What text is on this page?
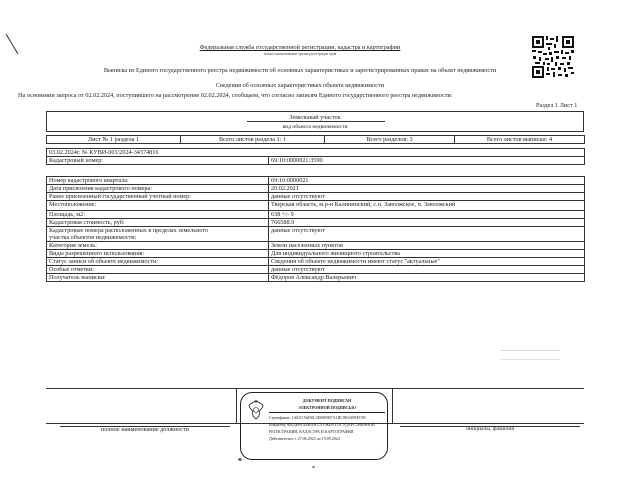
Федеральная служба государственной регистрации, кадастра и картографии
полное наименование органа регистрации прав
Выписка из Единого государственного реестра недвижимости об основных характеристиках и зарегистрированных правах на объект недвижимости
Сведения об основных характеристиках объекта недвижимости
На основании запроса от 02.02.2024, поступившего на рассмотрение 02.02.2024, сообщаем, что согласно записям Единого государственного реестра недвижимости:
Раздел 1 Лист 1
Земельный участок
вид объекта недвижимости
Лист № 1 раздела 1	Всего листов раздела 1: 1	Всего разделов: 3	Всего листов выписки: 4
03.02.2024г. № КУВИ-001/2024-34374816
Кадастровый номер:	69:10:0000021:3590
Номер кадастрового квартала:	69:10:0000021
Дата присвоения кадастрового номера:	20.02.2021
Ранее присвоенный государственный учетный номер:	данные отсутствуют
Местоположение:	Тверская область, м.р-н Калининский, с.п. Заволжское, п. Заволжский
Площадь, м2:	638 +/- 9
Кадастровая стоимость, руб:	766588.9

Кадастровые номера расположенных в пределах земельного
участка объектов недвижимости:	данные отсутствуют
Категория земель:	Земли населенных пунктов
Виды разрешенного использования:	Для индивидуального жилищного строительства
Статус записи об объекте недвижимости:	Сведения об объекте недвижимости имеют статус "актуальные"
Особые отметки:	данные отсутствуют
Получатель выписки:	Фёдоров Александр Валерьевич
полное наименование должности	инициалы, фамилия
ДОКУМЕНТ ПОДПИСАН
ЭЛЕКТРОННОЙ ПОДПИСЬЮ
Сертификат: 1A8A7A6D0C2E6905B7A1BC9E6A8FFC99
Владелец: ФЕДЕРАЛЬНАЯ СЛУЖБА ГОСУДАРСТВЕННОЙ
РЕГИСТРАЦИИ, КАДАСТРА И КАРТОГРАФИИ
Действителен: с 27.06.2023 по 19.09.2024
